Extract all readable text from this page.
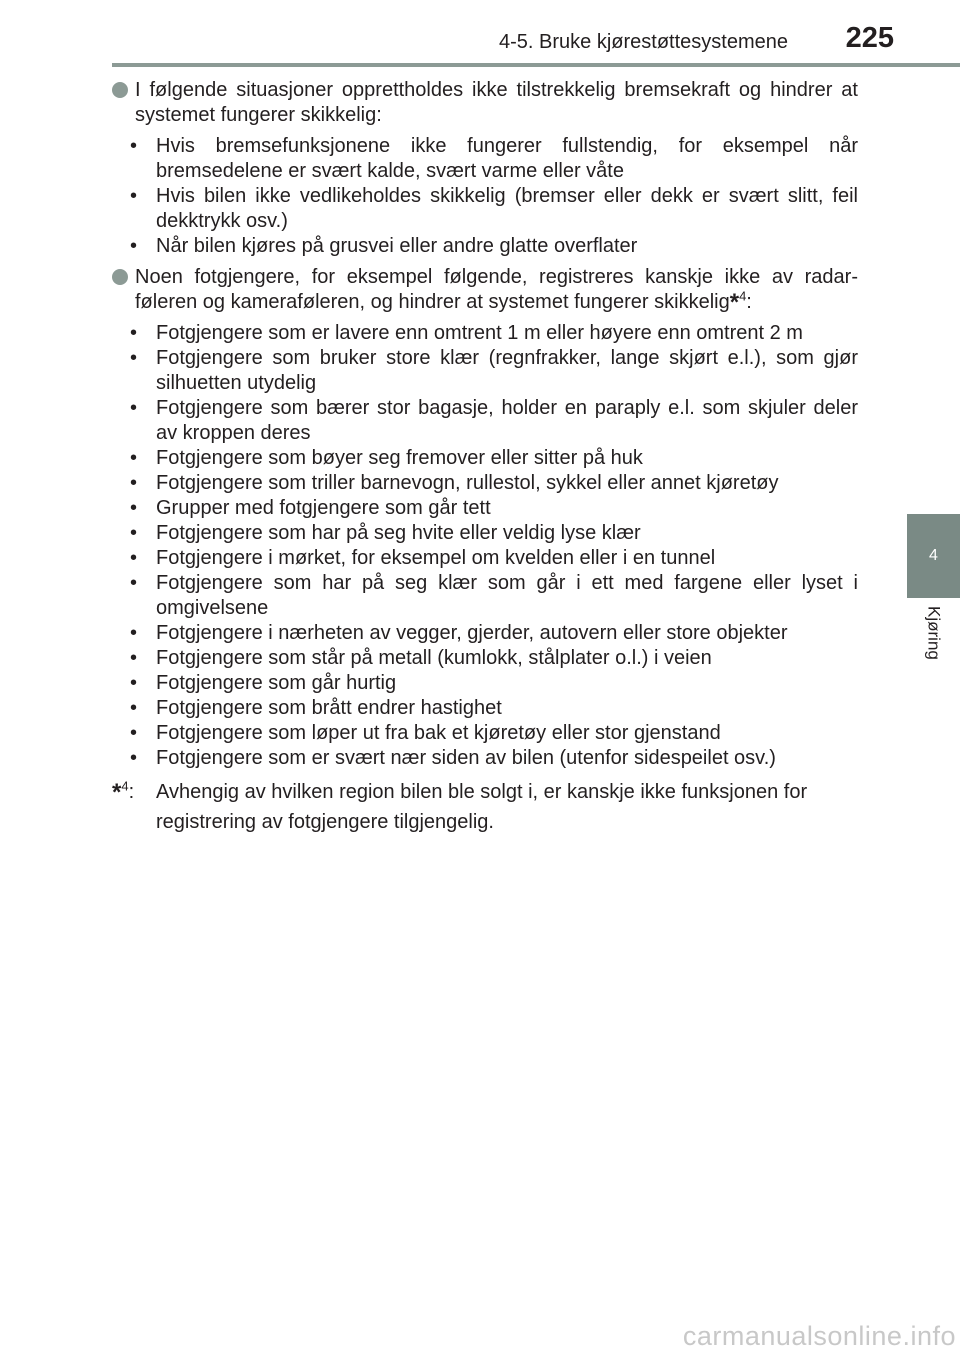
4-5. Bruke kjørestøttesystemene 225
4
Kjøring
I følgende situasjoner opprettholdes ikke tilstrekkelig bremsekraft og hindrer at systemet fungerer skikkelig:
• Hvis bremsefunksjonene ikke fungerer fullstendig, for eksempel når bremsedelene er svært kalde, svært varme eller våte
• Hvis bilen ikke vedlikeholdes skikkelig (bremser eller dekk er svært slitt, feil dekktrykk osv.)
• Når bilen kjøres på grusvei eller andre glatte overflater
Noen fotgjengere, for eksempel følgende, registreres kanskje ikke av radarføleren og kameraføleren, og hindrer at systemet fungerer skikkelig*$^4$:
• Fotgjengere som er lavere enn omtrent 1 m eller høyere enn omtrent 2 m
• Fotgjengere som bruker store klær (regnfrakker, lange skjørt e.l.), som gjør silhuetten utydelig
• Fotgjengere som bærer stor bagasje, holder en paraply e.l. som skjuler deler av kroppen deres
• Fotgjengere som bøyer seg fremover eller sitter på huk
• Fotgjengere som triller barnevogn, rullestol, sykkel eller annet kjøretøy
• Grupper med fotgjengere som går tett
• Fotgjengere som har på seg hvite eller veldig lyse klær
• Fotgjengere i mørket, for eksempel om kvelden eller i en tunnel
• Fotgjengere som har på seg klær som går i ett med fargene eller lyset i omgivelsene
• Fotgjengere i nærheten av vegger, gjerder, autovern eller store objekter
• Fotgjengere som står på metall (kumlokk, stålplater o.l.) i veien
• Fotgjengere som går hurtig
• Fotgjengere som brått endrer hastighet
• Fotgjengere som løper ut fra bak et kjøretøy eller stor gjenstand
• Fotgjengere som er svært nær siden av bilen (utenfor sidespeilet osv.)
*$^4$: Avhengig av hvilken region bilen ble solgt i, er kanskje ikke funksjonen for registrering av fotgjengere tilgjengelig.
carmanualsonline.info
